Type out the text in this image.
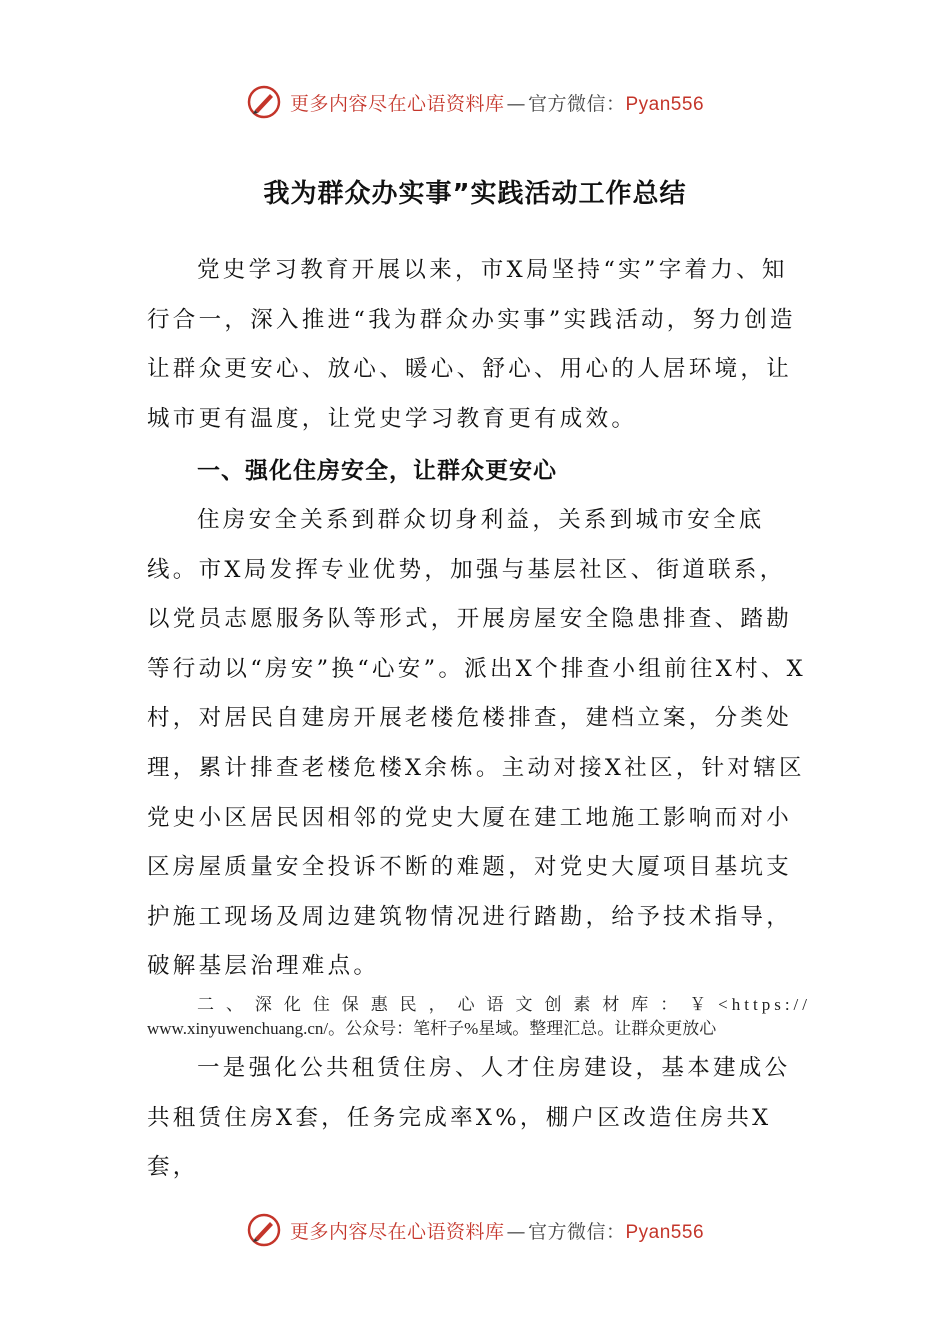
更多内容尽在心语资料库 — 官方微信：Pyan556
我为群众办实事”实践活动工作总结

党史学习教育开展以来，市X局坚持“实”字着力、知行合一，深入推进“我为群众办实事”实践活动，努力创造让群众更安心、放心、暖心、舒心、用心的人居环境，让城市更有温度，让党史学习教育更有成效。

一、强化住房安全，让群众更安心

住房安全关系到群众切身利益，关系到城市安全底线。市X局发挥专业优势，加强与基层社区、街道联系，以党员志愿服务队等形式，开展房屋安全隐患排查、踏勘等行动以“房安”换“心安”。派出X个排查小组前往X村、X村，对居民自建房开展老楼危楼排查，建档立案，分类处理，累计排查老楼危楼X余栋。主动对接X社区，针对辖区党史小区居民因相邻的党史大厦在建工地施工影响而对小区房屋质量安全投诉不断的难题，对党史大厦项目基坑支护施工现场及周边建筑物情况进行踏勘，给予技术指导，破解基层治理难点。

二、深化住保惠民，心语文创素材库：￥<https://
www.xinyuwenchuang.cn/。公众号：笔杆子%星域。整理汇总。让群众更放心

一是强化公共租赁住房、人才住房建设，基本建成公共租赁住房X套，任务完成率X%，棚户区改造住房共X套，

更多内容尽在心语资料库 — 官方微信：Pyan556
